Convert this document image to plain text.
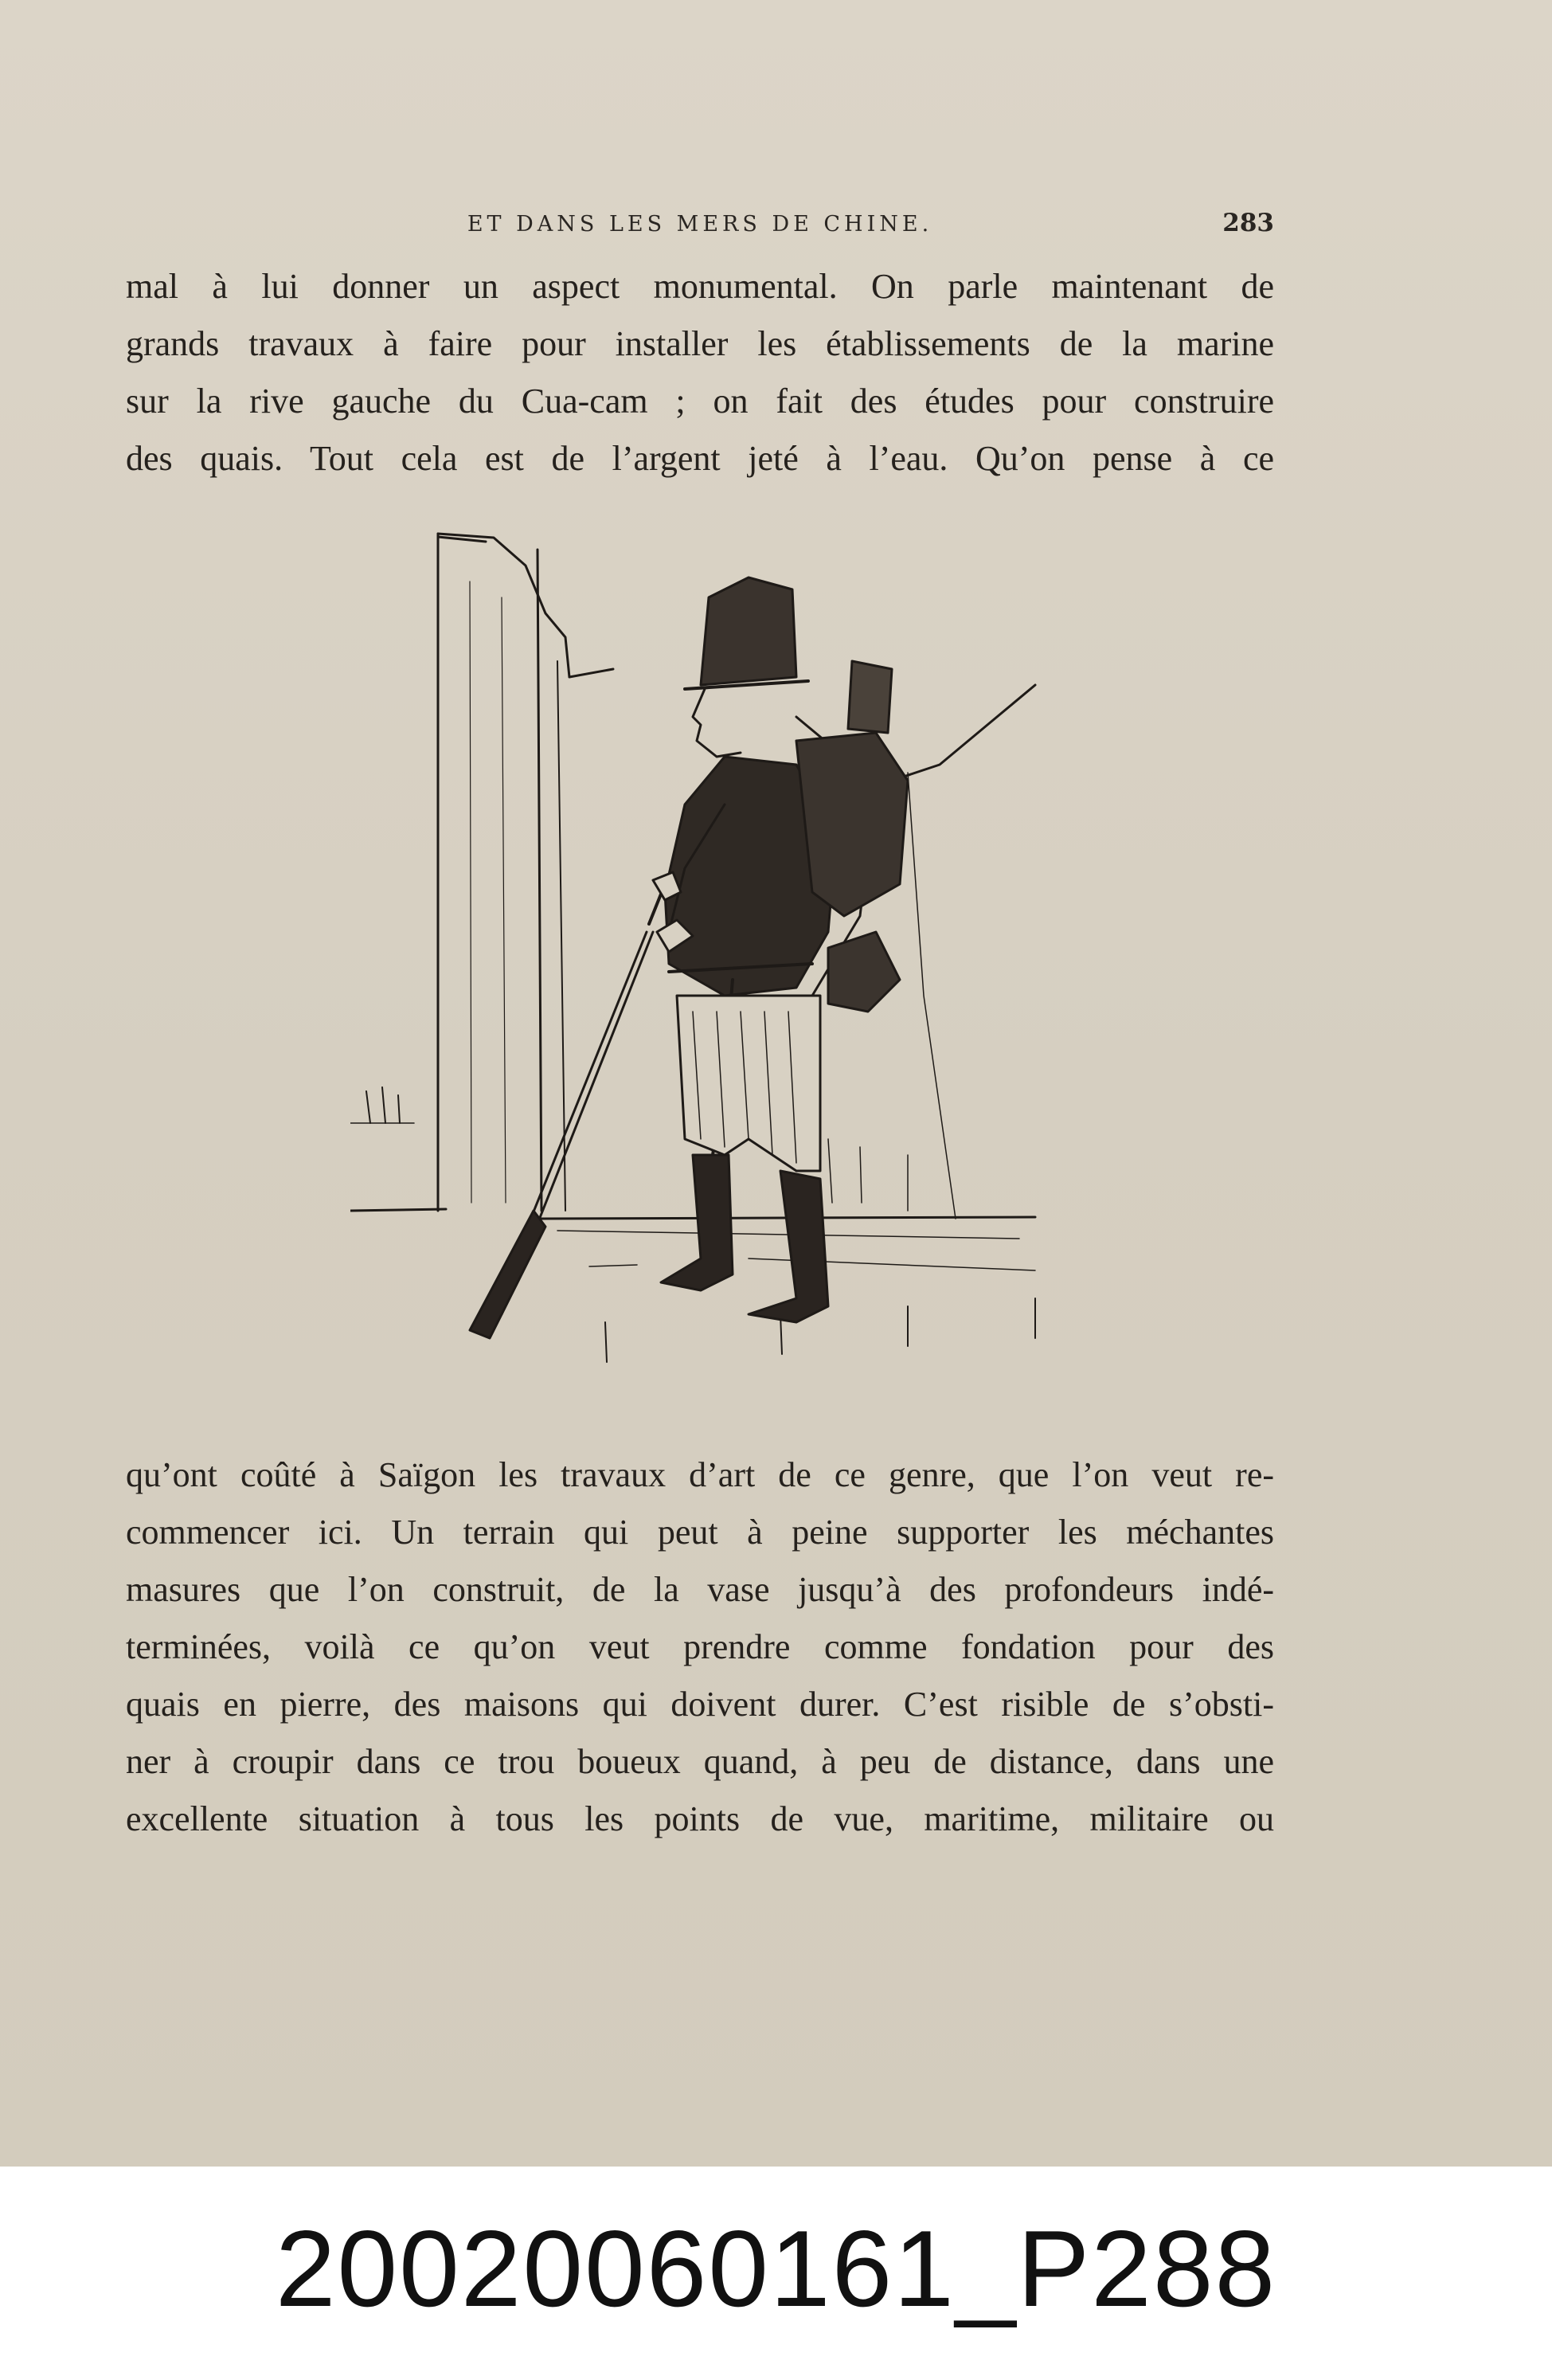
ET DANS LES MERS DE CHINE.	283
mal à lui donner un aspect monumental. On parle maintenant de
grands travaux à faire pour installer les établissements de la marine
sur la rive gauche du Cua-cam ; on fait des études pour construire
des quais. Tout cela est de l’argent jeté à l’eau. Qu’on pense à ce
qu’ont coûté à Saïgon les travaux d’art de ce genre, que l’on veut re-
commencer ici. Un terrain qui peut à peine supporter les méchantes
masures que l’on construit, de la vase jusqu’à des profondeurs indé-
terminées, voilà ce qu’on veut prendre comme fondation pour des
quais en pierre, des maisons qui doivent durer. C’est risible de s’obsti-
ner à croupir dans ce trou boueux quand, à peu de distance, dans une
excellente situation à tous les points de vue, maritime, militaire ou
20020060161_P288
